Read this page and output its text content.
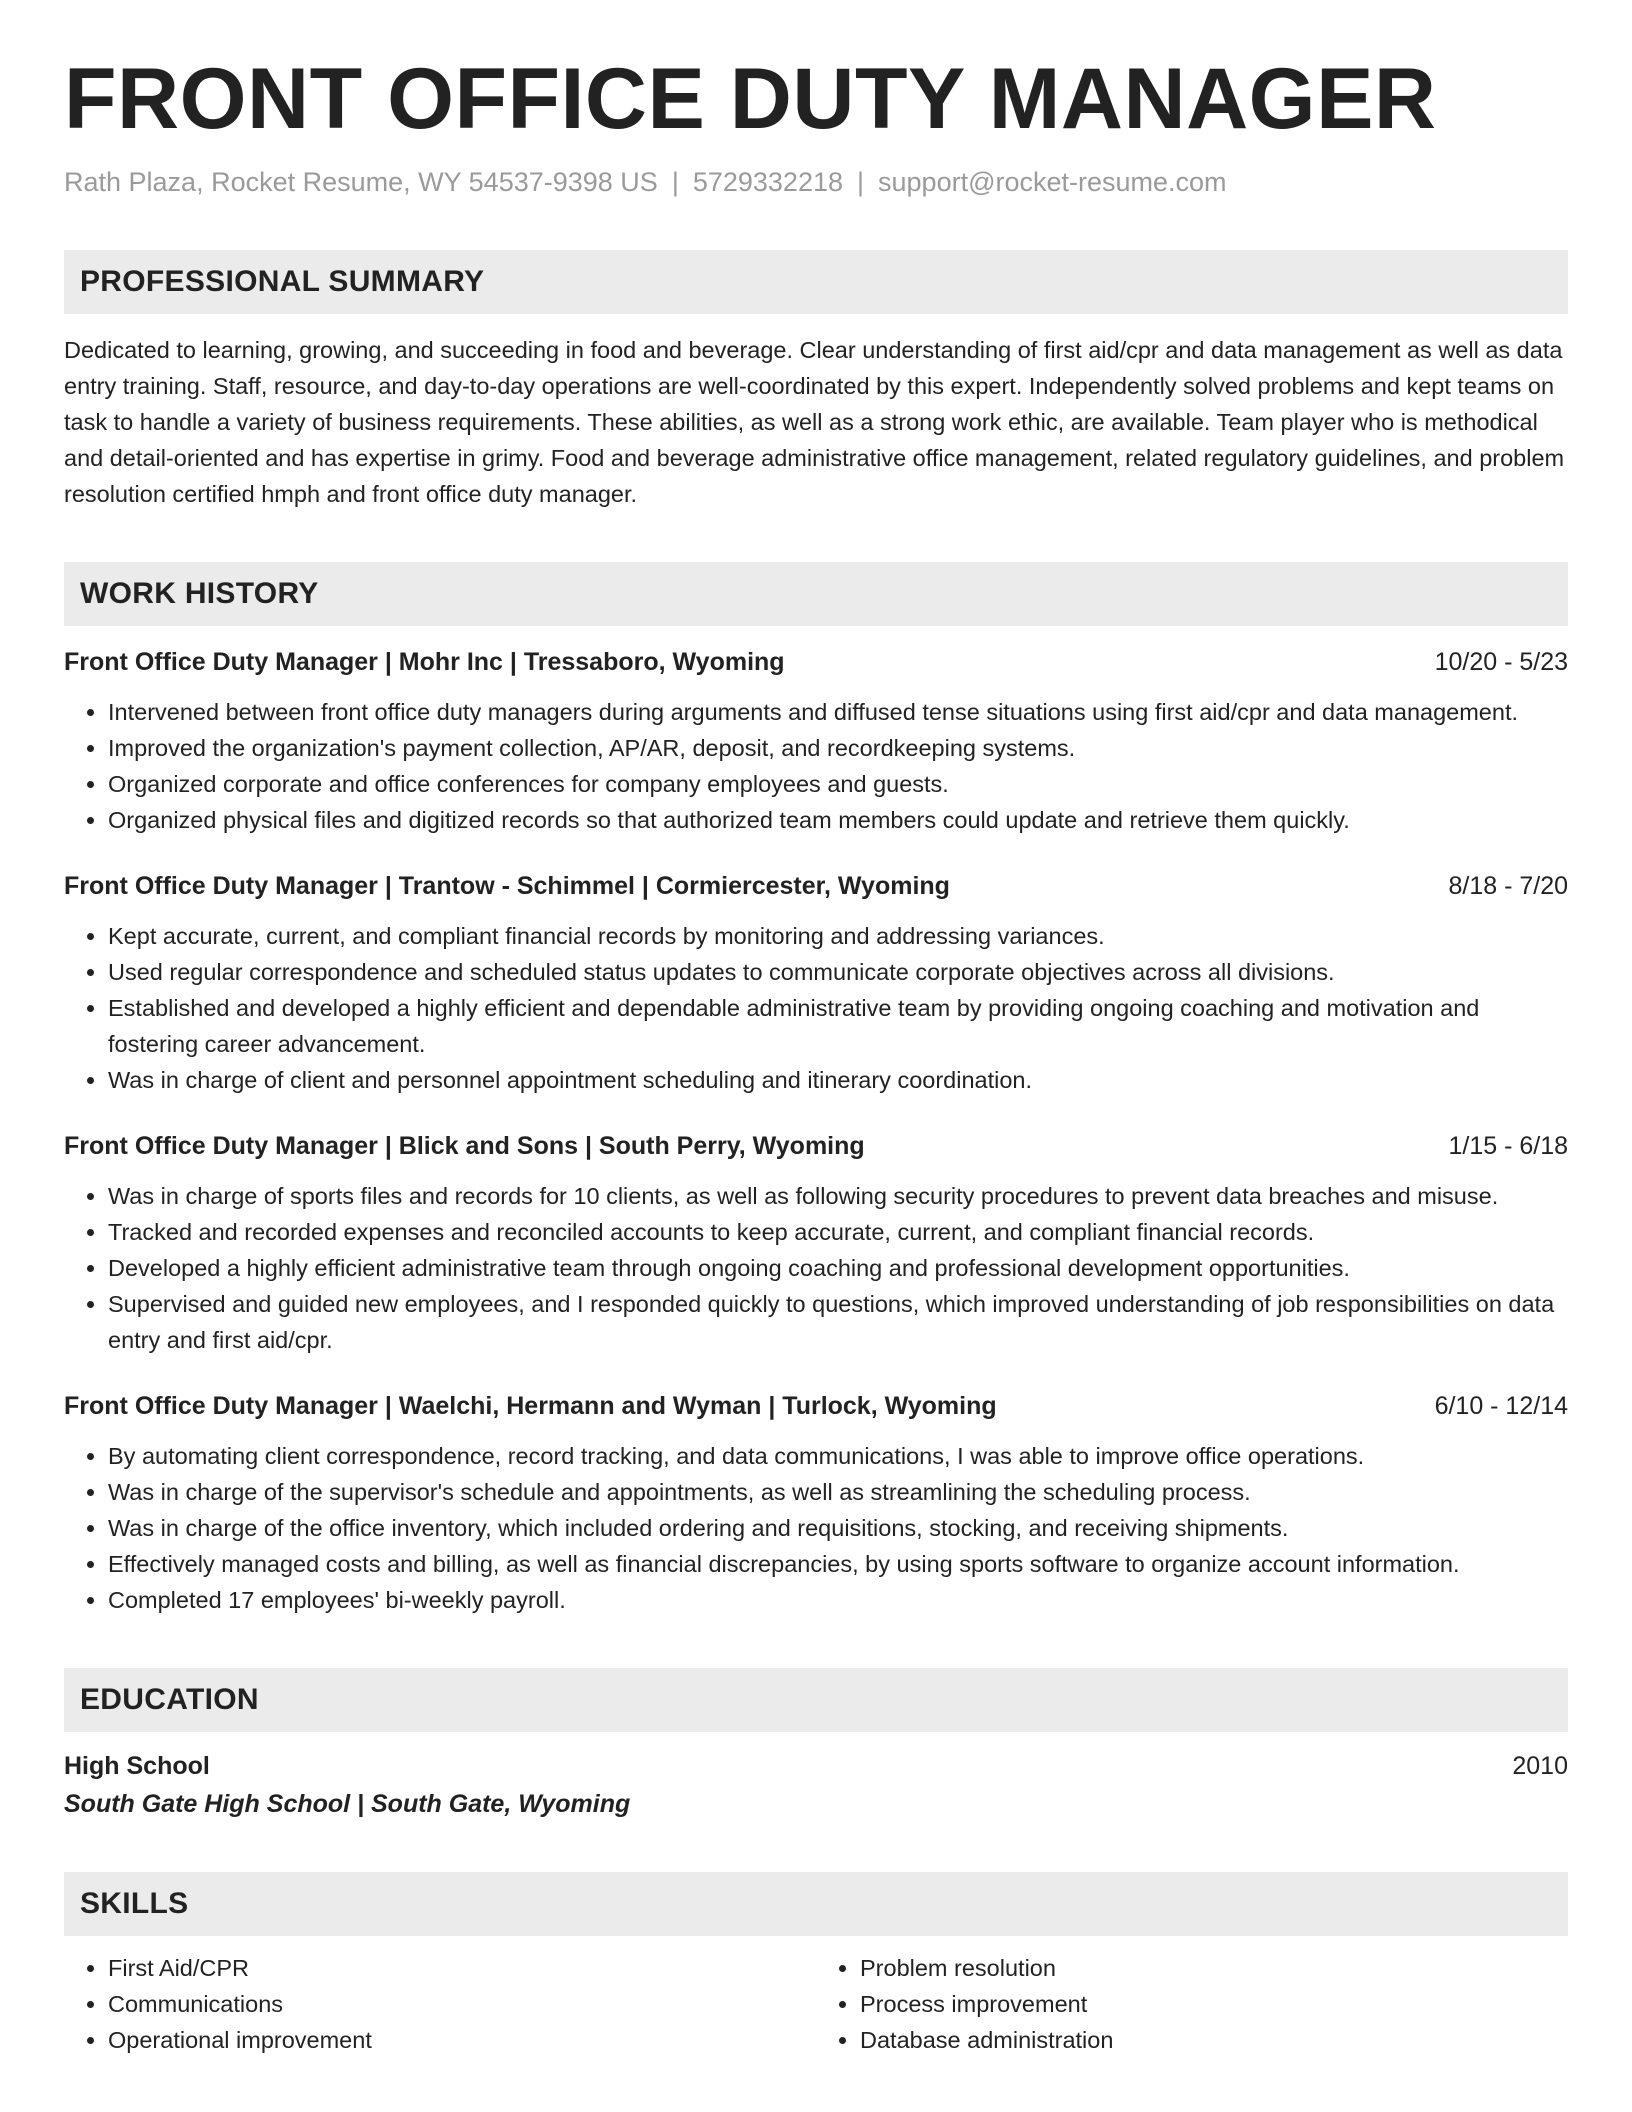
FRONT OFFICE DUTY MANAGER
Rath Plaza, Rocket Resume, WY 54537-9398 US | 5729332218 | support@rocket-resume.com
PROFESSIONAL SUMMARY
Dedicated to learning, growing, and succeeding in food and beverage. Clear understanding of first aid/cpr and data management as well as data entry training. Staff, resource, and day-to-day operations are well-coordinated by this expert. Independently solved problems and kept teams on task to handle a variety of business requirements. These abilities, as well as a strong work ethic, are available. Team player who is methodical and detail-oriented and has expertise in grimy. Food and beverage administrative office management, related regulatory guidelines, and problem resolution certified hmph and front office duty manager.
WORK HISTORY
Front Office Duty Manager | Mohr Inc | Tressaboro, Wyoming	10/20 - 5/23
• Intervened between front office duty managers during arguments and diffused tense situations using first aid/cpr and data management.
• Improved the organization's payment collection, AP/AR, deposit, and recordkeeping systems.
• Organized corporate and office conferences for company employees and guests.
• Organized physical files and digitized records so that authorized team members could update and retrieve them quickly.
Front Office Duty Manager | Trantow - Schimmel | Cormiercester, Wyoming	8/18 - 7/20
• Kept accurate, current, and compliant financial records by monitoring and addressing variances.
• Used regular correspondence and scheduled status updates to communicate corporate objectives across all divisions.
• Established and developed a highly efficient and dependable administrative team by providing ongoing coaching and motivation and fostering career advancement.
• Was in charge of client and personnel appointment scheduling and itinerary coordination.
Front Office Duty Manager | Blick and Sons | South Perry, Wyoming	1/15 - 6/18
• Was in charge of sports files and records for 10 clients, as well as following security procedures to prevent data breaches and misuse.
• Tracked and recorded expenses and reconciled accounts to keep accurate, current, and compliant financial records.
• Developed a highly efficient administrative team through ongoing coaching and professional development opportunities.
• Supervised and guided new employees, and I responded quickly to questions, which improved understanding of job responsibilities on data entry and first aid/cpr.
Front Office Duty Manager | Waelchi, Hermann and Wyman | Turlock, Wyoming	6/10 - 12/14
• By automating client correspondence, record tracking, and data communications, I was able to improve office operations.
• Was in charge of the supervisor's schedule and appointments, as well as streamlining the scheduling process.
• Was in charge of the office inventory, which included ordering and requisitions, stocking, and receiving shipments.
• Effectively managed costs and billing, as well as financial discrepancies, by using sports software to organize account information.
• Completed 17 employees' bi-weekly payroll.
EDUCATION
High School	2010
South Gate High School | South Gate, Wyoming
SKILLS
• First Aid/CPR
• Communications
• Operational improvement
• Problem resolution
• Process improvement
• Database administration
